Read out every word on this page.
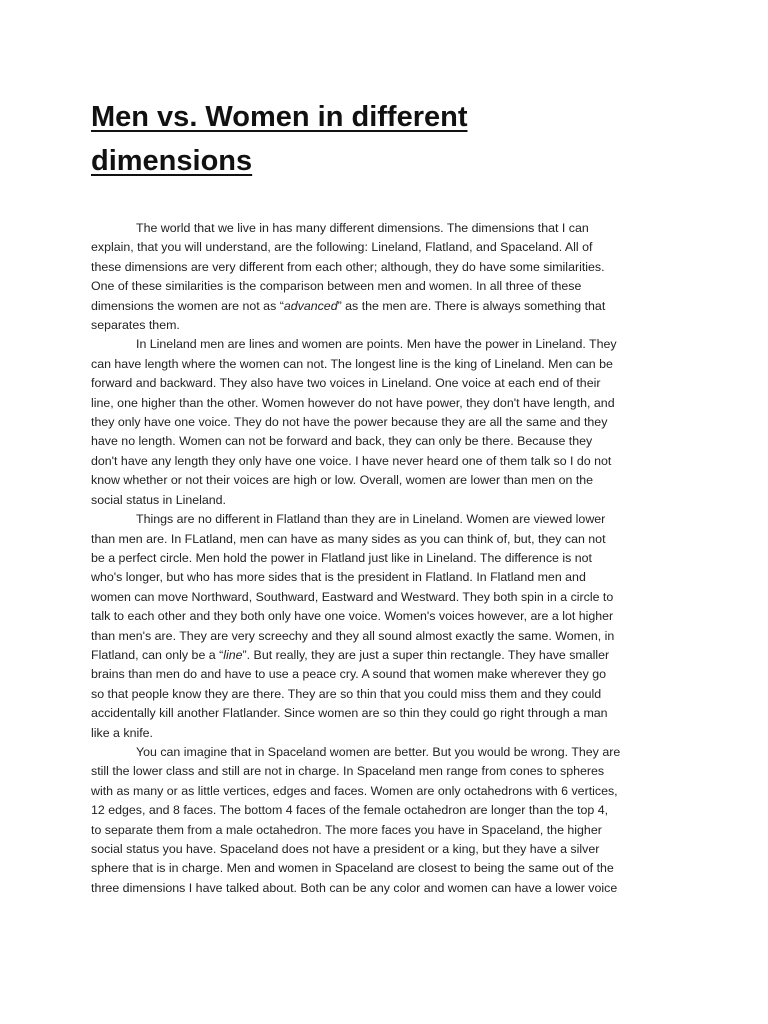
Men vs. Women in different
dimensions
The world that we live in has many different dimensions. The dimensions that I can
explain, that you will understand, are the following: Lineland, Flatland, and Spaceland. All of
these dimensions are very different from each other; although, they do have some similarities.
One of these similarities is the comparison between men and women. In all three of these
dimensions the women are not as “advanced” as the men are. There is always something that
separates them.
In Lineland men are lines and women are points. Men have the power in Lineland. They
can have length where the women can not. The longest line is the king of Lineland. Men can be
forward and backward. They also have two voices in Lineland. One voice at each end of their
line, one higher than the other. Women however do not have power, they don't have length, and
they only have one voice. They do not have the power because they are all the same and they
have no length. Women can not be forward and back, they can only be there. Because they
don't have any length they only have one voice. I have never heard one of them talk so I do not
know whether or not their voices are high or low. Overall, women are lower than men on the
social status in Lineland.
Things are no different in Flatland than they are in Lineland. Women are viewed lower
than men are. In FLatland, men can have as many sides as you can think of, but, they can not
be a perfect circle. Men hold the power in Flatland just like in Lineland. The difference is not
who's longer, but who has more sides that is the president in Flatland. In Flatland men and
women can move Northward, Southward, Eastward and Westward. They both spin in a circle to
talk to each other and they both only have one voice. Women's voices however, are a lot higher
than men's are. They are very screechy and they all sound almost exactly the same. Women, in
Flatland, can only be a “line”. But really, they are just a super thin rectangle. They have smaller
brains than men do and have to use a peace cry. A sound that women make wherever they go
so that people know they are there. They are so thin that you could miss them and they could
accidentally kill another Flatlander. Since women are so thin they could go right through a man
like a knife.
You can imagine that in Spaceland women are better. But you would be wrong. They are
still the lower class and still are not in charge. In Spaceland men range from cones to spheres
with as many or as little vertices, edges and faces. Women are only octahedrons with 6 vertices,
12 edges, and 8 faces. The bottom 4 faces of the female octahedron are longer than the top 4,
to separate them from a male octahedron. The more faces you have in Spaceland, the higher
social status you have. Spaceland does not have a president or a king, but they have a silver
sphere that is in charge. Men and women in Spaceland are closest to being the same out of the
three dimensions I have talked about. Both can be any color and women can have a lower voice
